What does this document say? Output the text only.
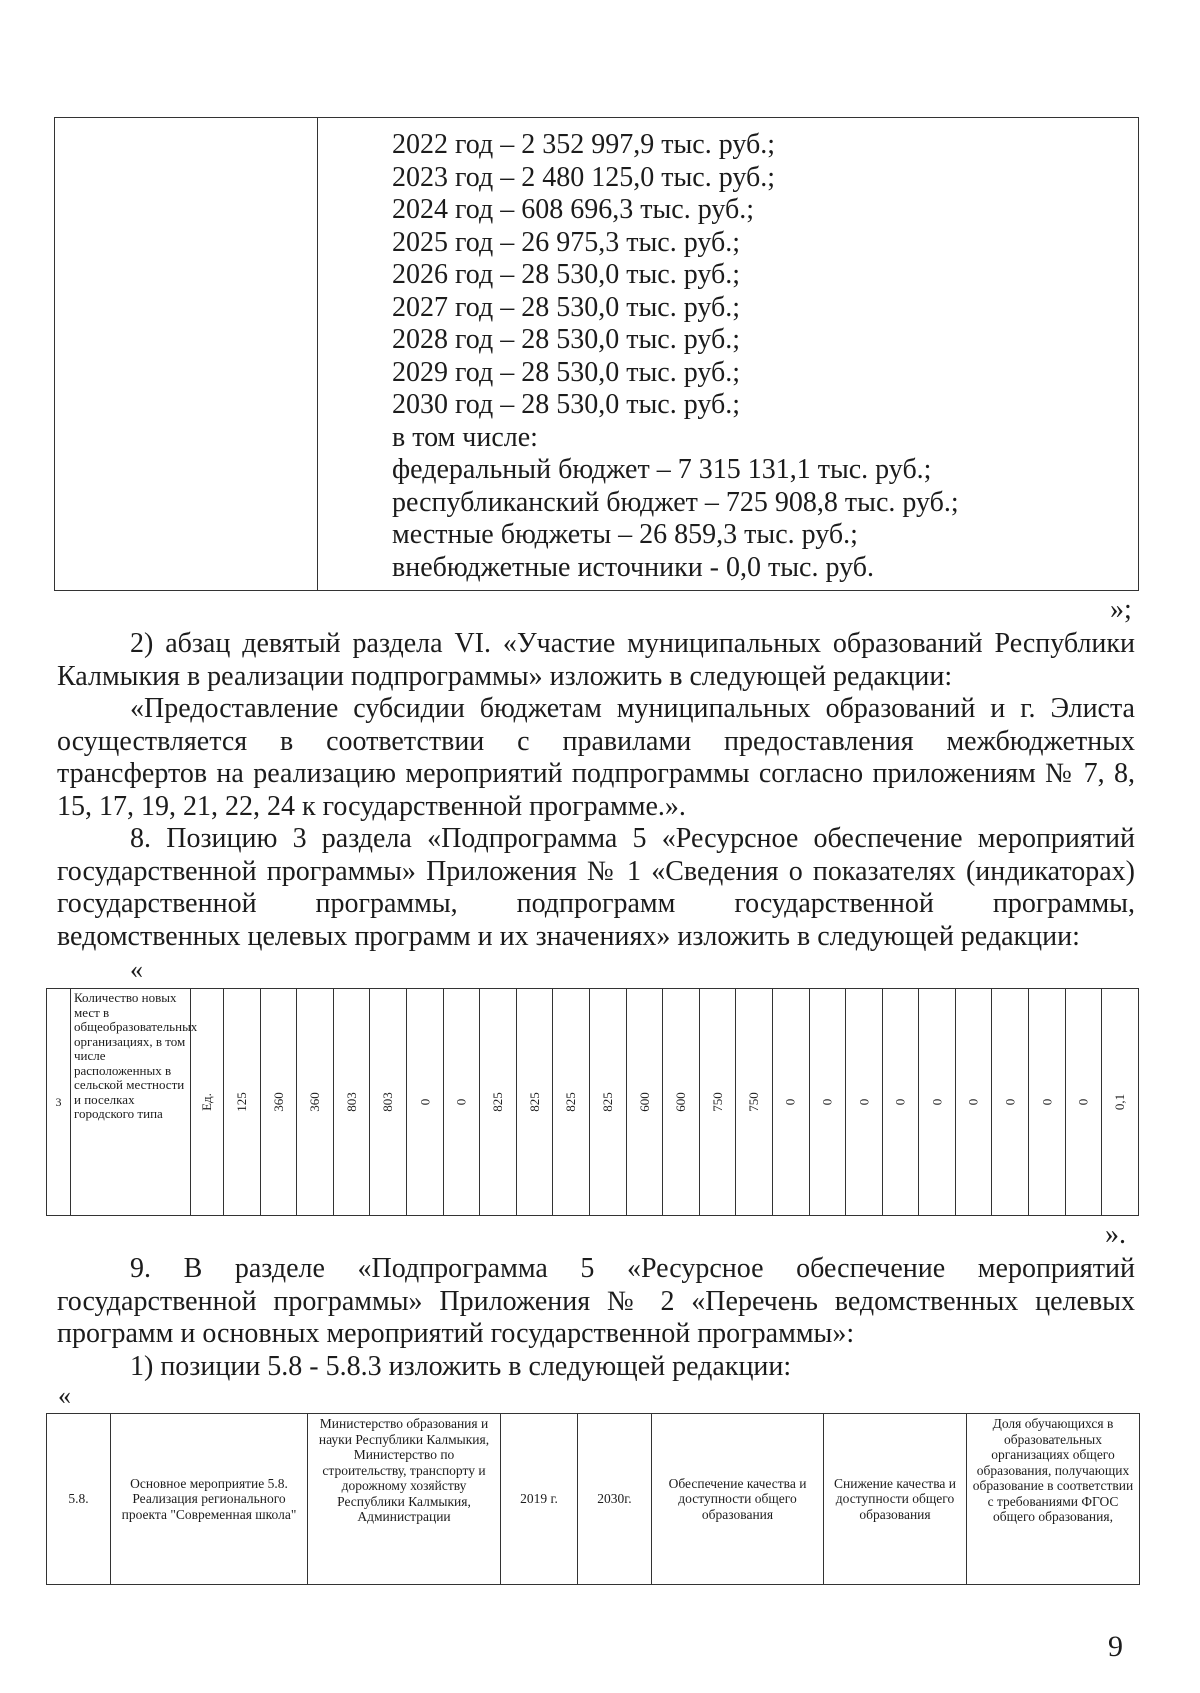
2022 год – 2 352 997,9 тыс. руб.;
2023 год – 2 480 125,0 тыс. руб.;
2024 год – 608 696,3 тыс. руб.;
2025 год – 26 975,3 тыс. руб.;
2026 год – 28 530,0 тыс. руб.;
2027 год – 28 530,0 тыс. руб.;
2028 год – 28 530,0 тыс. руб.;
2029 год – 28 530,0 тыс. руб.;
2030 год – 28 530,0 тыс. руб.;
в том числе:
федеральный бюджет – 7 315 131,1 тыс. руб.;
республиканский бюджет – 725 908,8 тыс. руб.;
местные бюджеты – 26 859,3 тыс. руб.;
внебюджетные источники - 0,0 тыс. руб.
»;
2) абзац девятый раздела VI. «Участие муниципальных образований Республики
Калмыкия в реализации подпрограммы» изложить в следующей редакции:
«Предоставление субсидии бюджетам муниципальных образований и г. Элиста
осуществляется в соответствии с правилами предоставления межбюджетных
трансфертов на реализацию мероприятий подпрограммы согласно приложениям № 7, 8,
15, 17, 19, 21, 22, 24 к государственной программе.».
8. Позицию 3 раздела «Подпрограмма 5 «Ресурсное обеспечение мероприятий
государственной программы» Приложения № 1 «Сведения о показателях (индикаторах)
государственной программы, подпрограмм государственной программы,
ведомственных целевых программ и их значениях» изложить в следующей редакции:
«
3	Количество новых мест в общеобразовательных организациях, в том числе расположенных в сельской местности и поселках городского типа	Ед.	125	360	360	803	803	0	0	825	825	825	825	600	600	750	750	0	0	0	0	0	0	0	0	0	0,1
».
9. В разделе «Подпрограмма 5 «Ресурсное обеспечение мероприятий
государственной программы» Приложения № 2 «Перечень ведомственных целевых
программ и основных мероприятий государственной программы»:
1) позиции 5.8 - 5.8.3 изложить в следующей редакции:
«
5.8.	Основное мероприятие 5.8. Реализация регионального проекта "Современная школа"	Министерство образования и науки Республики Калмыкия, Министерство по строительству, транспорту и дорожному хозяйству Республики Калмыкия, Администрации	2019 г.	2030г.	Обеспечение качества и доступности общего образования	Снижение качества и доступности общего образования	Доля обучающихся в образовательных организациях общего образования, получающих образование в соответствии с требованиями ФГОС общего образования,
9
